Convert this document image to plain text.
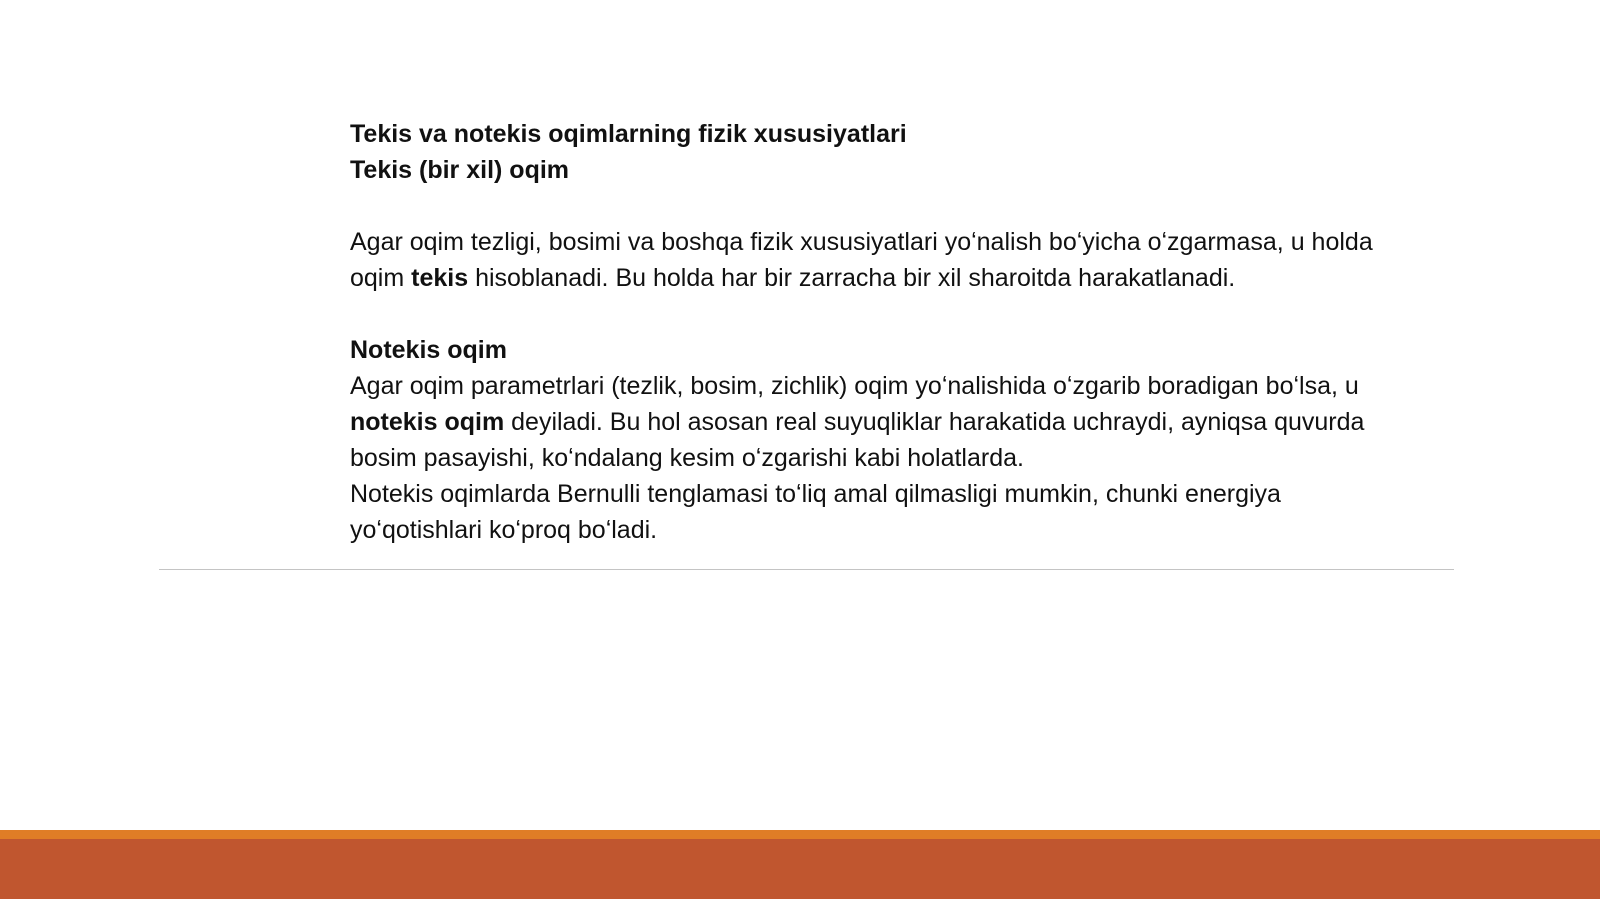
Tekis va notekis oqimlarning fizik xususiyatlari

Tekis (bir xil) oqim

Agar oqim tezligi, bosimi va boshqa fizik xususiyatlari yoʻnalish boʻyicha oʻzgarmasa, u holda
oqim tekis hisoblanadi. Bu holda har bir zarracha bir xil sharoitda harakatlanadi.

Notekis oqim

Agar oqim parametrlari (tezlik, bosim, zichlik) oqim yoʻnalishida oʻzgarib boradigan boʻlsa, u
notekis oqim deyiladi. Bu hol asosan real suyuqliklar harakatida uchraydi, ayniqsa quvurda
bosim pasayishi, koʻndalang kesim oʻzgarishi kabi holatlarda.
Notekis oqimlarda Bernulli tenglamasi toʻliq amal qilmasligi mumkin, chunki energiya
yoʻqotishlari koʻproq boʻladi.
